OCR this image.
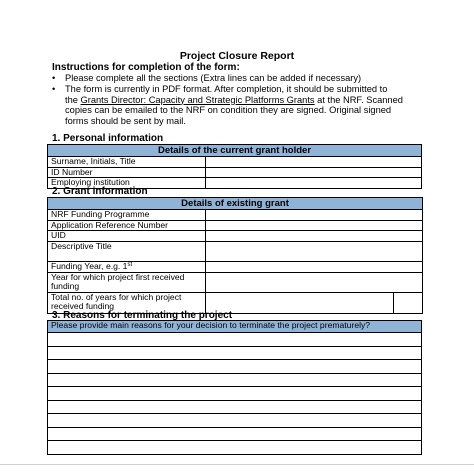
Project Closure Report
Instructions for completion of the form:
• Please complete all the sections (Extra lines can be added if necessary)
• The form is currently in PDF format. After completion, it should be submitted to
the Grants Director: Capacity and Strategic Platforms Grants at the NRF. Scanned
copies can be emailed to the NRF on condition they are signed. Original signed
forms should be sent by mail.
1. Personal information
Details of the current grant holder	
Surname, Initials, Title	
ID Number	
Employing institution	
2. Grant information
Details of existing grant		
NRF Funding Programme		
Application Reference Number		
UID		
Descriptive Title		
Funding Year, e.g. 1st	
Year for which project first received funding		
Total no. of years for which project received funding		
3. Reasons for terminating the project
Please provide main reasons for your decision to terminate the project prematurely?
